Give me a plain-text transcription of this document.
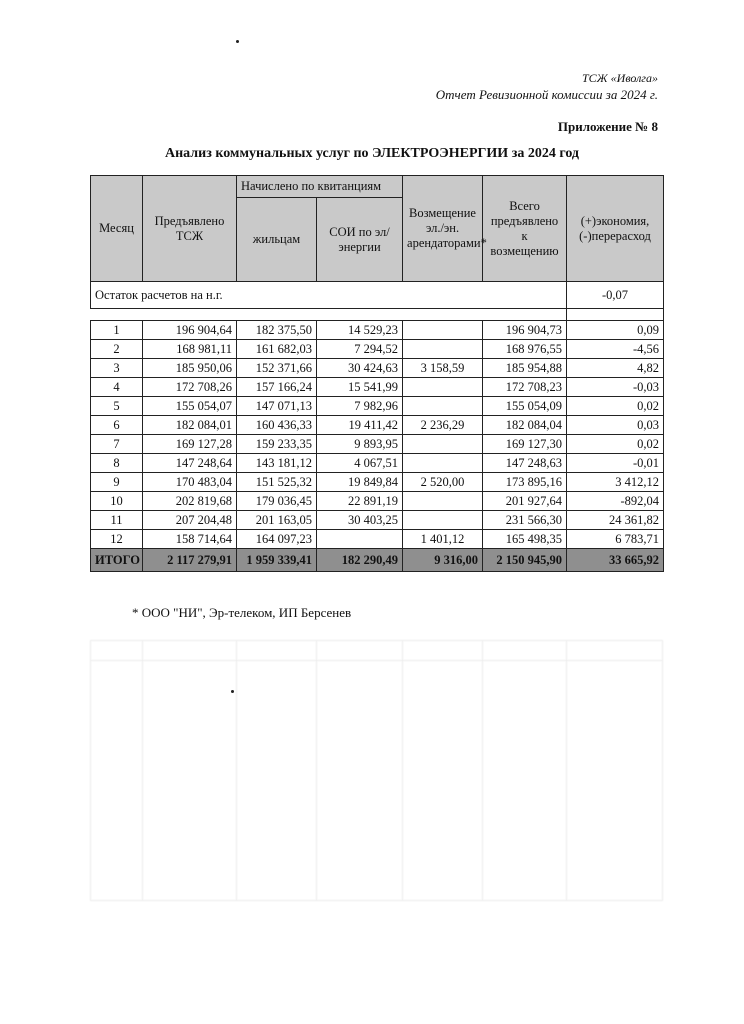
ТСЖ «Иволга»
Отчет Ревизионной комиссии за 2024 г.
Приложение № 8
Анализ коммунальных услуг по ЭЛЕКТРОЭНЕРГИИ за 2024 год
Месяц	Предъявлено ТСЖ	Начислено по квитанциям		Возмещение эл./эн. арендаторами*	Всего предъявлено к возмещению	(+)экономия, (-)перерасход
		жильцам	СОИ по эл/энергии			
Остаток расчетов на н.г.						-0,07

1	196 904,64	182 375,50	14 529,23		196 904,73	0,09
2	168 981,11	161 682,03	7 294,52		168 976,55	-4,56
3	185 950,06	152 371,66	30 424,63	3 158,59	185 954,88	4,82
4	172 708,26	157 166,24	15 541,99		172 708,23	-0,03
5	155 054,07	147 071,13	7 982,96		155 054,09	0,02
6	182 084,01	160 436,33	19 411,42	2 236,29	182 084,04	0,03
7	169 127,28	159 233,35	9 893,95		169 127,30	0,02
8	147 248,64	143 181,12	4 067,51		147 248,63	-0,01
9	170 483,04	151 525,32	19 849,84	2 520,00	173 895,16	3 412,12
10	202 819,68	179 036,45	22 891,19		201 927,64	-892,04
11	207 204,48	201 163,05	30 403,25		231 566,30	24 361,82
12	158 714,64	164 097,23		1 401,12	165 498,35	6 783,71
ИТОГО	2 117 279,91	1 959 339,41	182 290,49	9 316,00	2 150 945,90	33 665,92
* ООО "НИ", Эр-телеком, ИП Берсенев
